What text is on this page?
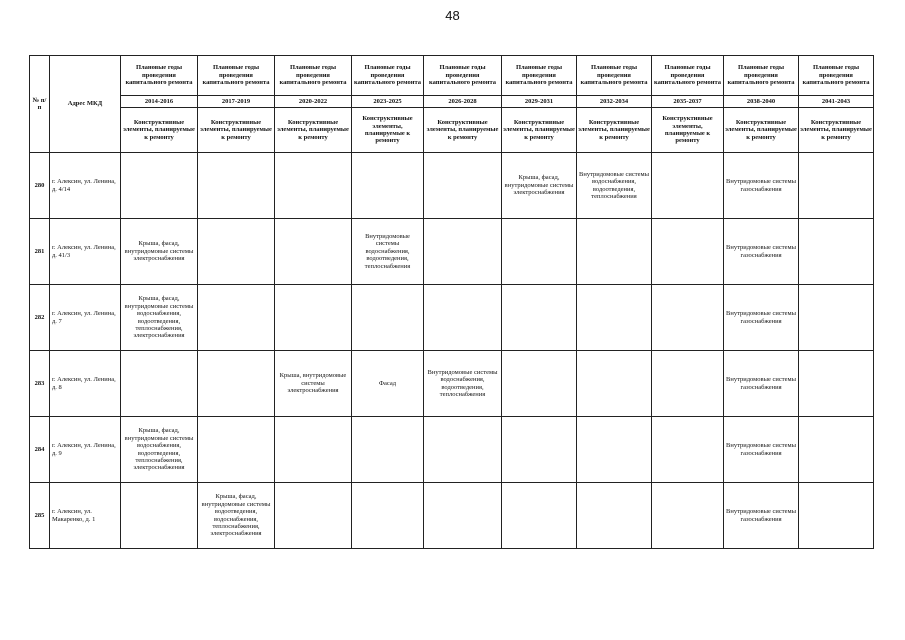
48
№ п/п	Адрес МКД	Плановые годы проведения капитального ремонта	Плановые годы проведения капитального ремонта	Плановые годы проведения капитального ремонта	Плановые годы проведения капитального ремонта	Плановые годы проведения капитального ремонта	Плановые годы проведения капитального ремонта	Плановые годы проведения капитального ремонта	Плановые годы проведения капитального ремонта	Плановые годы проведения капитального ремонта	Плановые годы проведения капитального ремонта
		2014-2016	2017-2019	2020-2022	2023-2025	2026-2028	2029-2031	2032-2034	2035-2037	2038-2040	2041-2043
		Конструктивные элементы, планируемые к ремонту	Конструктивные элементы, планируемые к ремонту	Конструктивные элементы, планируемые к ремонту	Конструктивные элементы, планируемые к ремонту	Конструктивные элементы, планируемые к ремонту	Конструктивные элементы, планируемые к ремонту	Конструктивные элементы, планируемые к ремонту	Конструктивные элементы, планируемые к ремонту	Конструктивные элементы, планируемые к ремонту	Конструктивные элементы, планируемые к ремонту
280	г. Алексин, ул. Ленина, д. 4/14						Крыша, фасад, внутридомовые системы электроснабжения	Внутридомовые системы водоснабжения, водоотведения, теплоснабжения		Внутридомовые системы газоснабжения	
281	г. Алексин, ул. Ленина, д. 41/3	Крыша, фасад, внутридомовые системы электроснабжения			Внутридомовые системы водоснабжения, водоотведения, теплоснабжения					Внутридомовые системы газоснабжения	
282	г. Алексин, ул. Ленина, д. 7	Крыша, фасад, внутридомовые системы водоснабжения, водоотведения, теплоснабжения, электроснабжения								Внутридомовые системы газоснабжения	
283	г. Алексин, ул. Ленина, д. 8			Крыша, внутридомовые системы электроснабжения	Фасад	Внутридомовые системы водоснабжения, водоотведения, теплоснабжения				Внутридомовые системы газоснабжения	
284	г. Алексин, ул. Ленина, д. 9	Крыша, фасад, внутридомовые системы водоснабжения, водоотведения, теплоснабжения, электроснабжения								Внутридомовые системы газоснабжения	
285	г. Алексин, ул. Макаренко, д. 1		Крыша, фасад, внутридомовые системы водоотведения, водоснабжения, теплоснабжения, электроснабжения							Внутридомовые системы газоснабжения	
